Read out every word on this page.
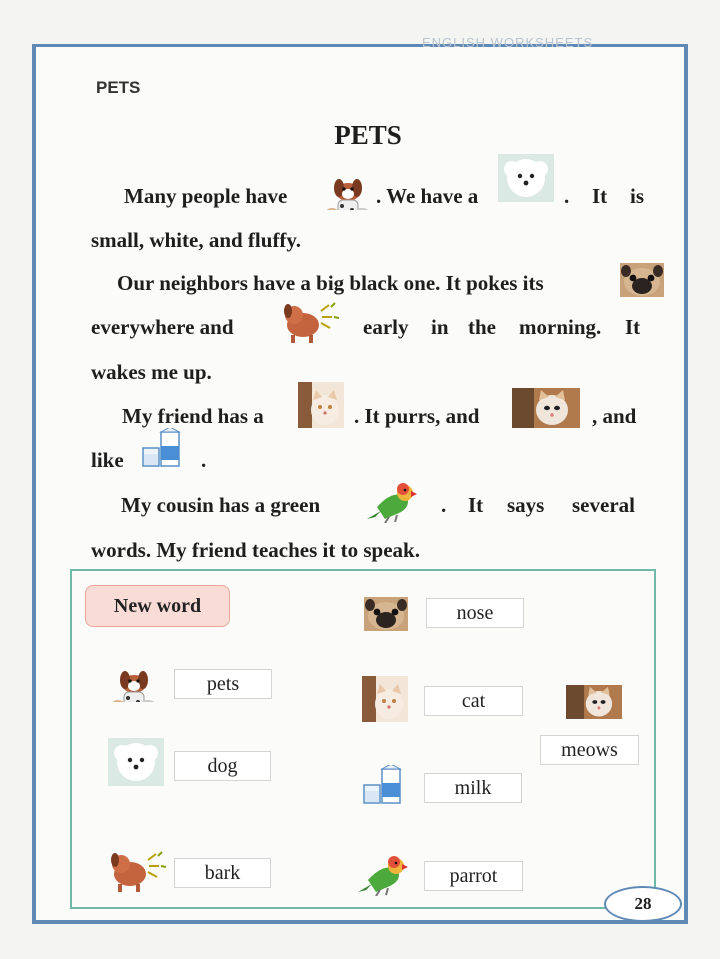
ENGLISH WORKSHEETS
PETS
PETS
Many people have	. We have a	. It is
small, white, and fluffy.
Our neighbors have a big black one. It pokes its
everywhere and	early in the morning. It
wakes me up.
My friend has a	. It purrs, and	, and
like	.
My cousin has a green	. It says several
words. My friend teaches it to speak.
New word
pets
dog
bark
nose
cat
milk
parrot
meows
28
